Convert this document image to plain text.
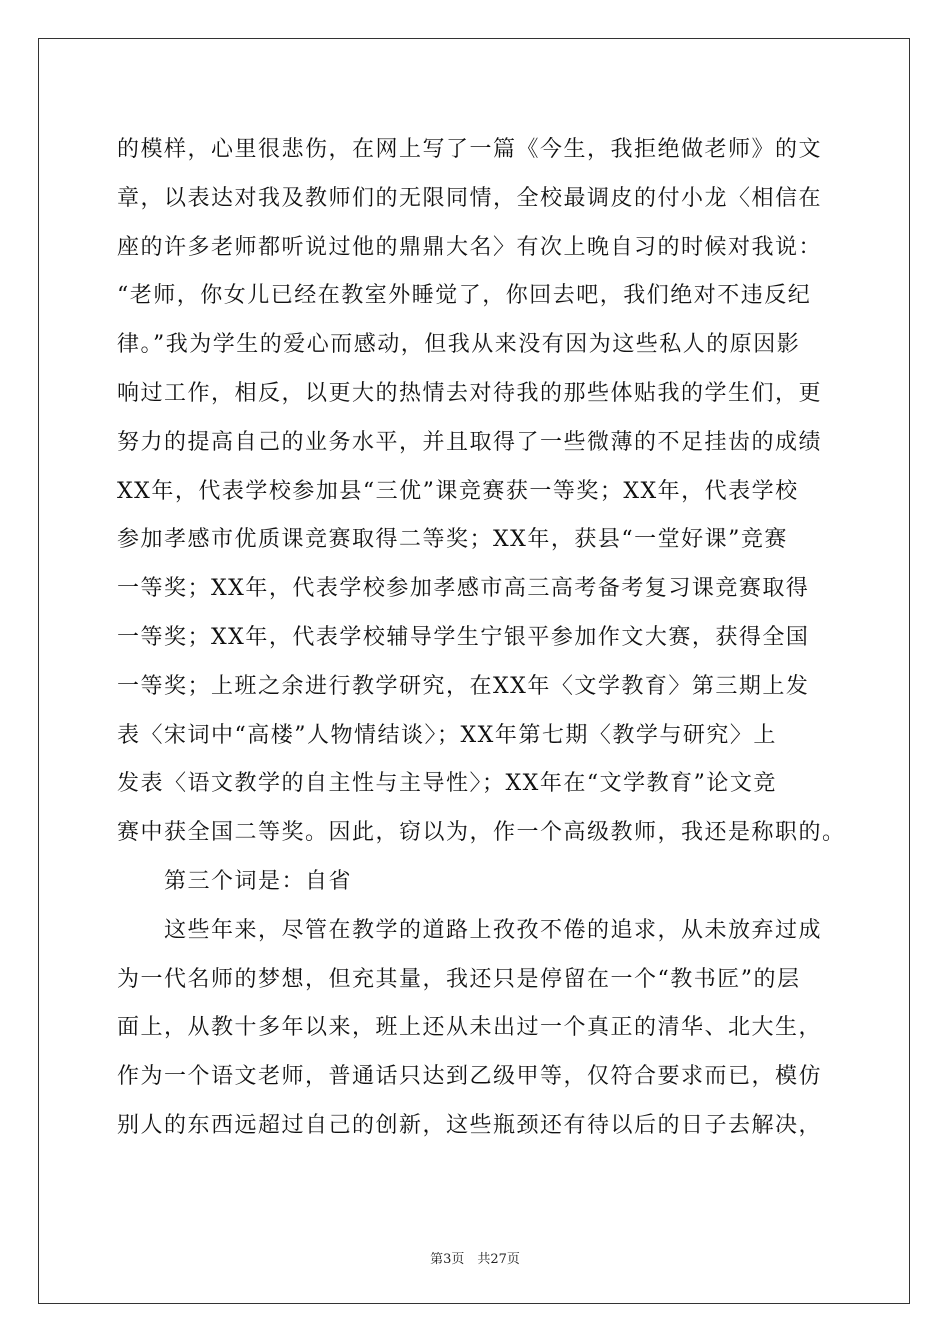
的模样，心里很悲伤，在网上写了一篇《今生，我拒绝做老师》的文
章，以表达对我及教师们的无限同情，全校最调皮的付小龙〈相信在
座的许多老师都听说过他的鼎鼎大名〉有次上晚自习的时候对我说：
“老师，你女儿已经在教室外睡觉了，你回去吧，我们绝对不违反纪
律。”我为学生的爱心而感动，但我从来没有因为这些私人的原因影
响过工作，相反，以更大的热情去对待我的那些体贴我的学生们，更
努力的提高自己的业务水平，并且取得了一些微薄的不足挂齿的成绩
XX年，代表学校参加县“三优”课竞赛获一等奖；XX年，代表学校
参加孝感市优质课竞赛取得二等奖；XX年，获县“一堂好课”竞赛
一等奖；XX年，代表学校参加孝感市高三高考备考复习课竞赛取得
一等奖；XX年，代表学校辅导学生宁银平参加作文大赛，获得全国
一等奖；上班之余进行教学研究，在XX年〈文学教育〉第三期上发
表〈宋词中“高楼”人物情结谈〉；XX年第七期〈教学与研究〉上
发表〈语文教学的自主性与主导性〉；XX年在“文学教育”论文竞
赛中获全国二等奖。因此，窃以为，作一个高级教师，我还是称职的。
第三个词是：自省
这些年来，尽管在教学的道路上孜孜不倦的追求，从未放弃过成
为一代名师的梦想，但充其量，我还只是停留在一个“教书匠”的层
面上，从教十多年以来，班上还从未出过一个真正的清华、北大生，
作为一个语文老师，普通话只达到乙级甲等，仅符合要求而已，模仿
别人的东西远超过自己的创新，这些瓶颈还有待以后的日子去解决，
第3页　共27页
